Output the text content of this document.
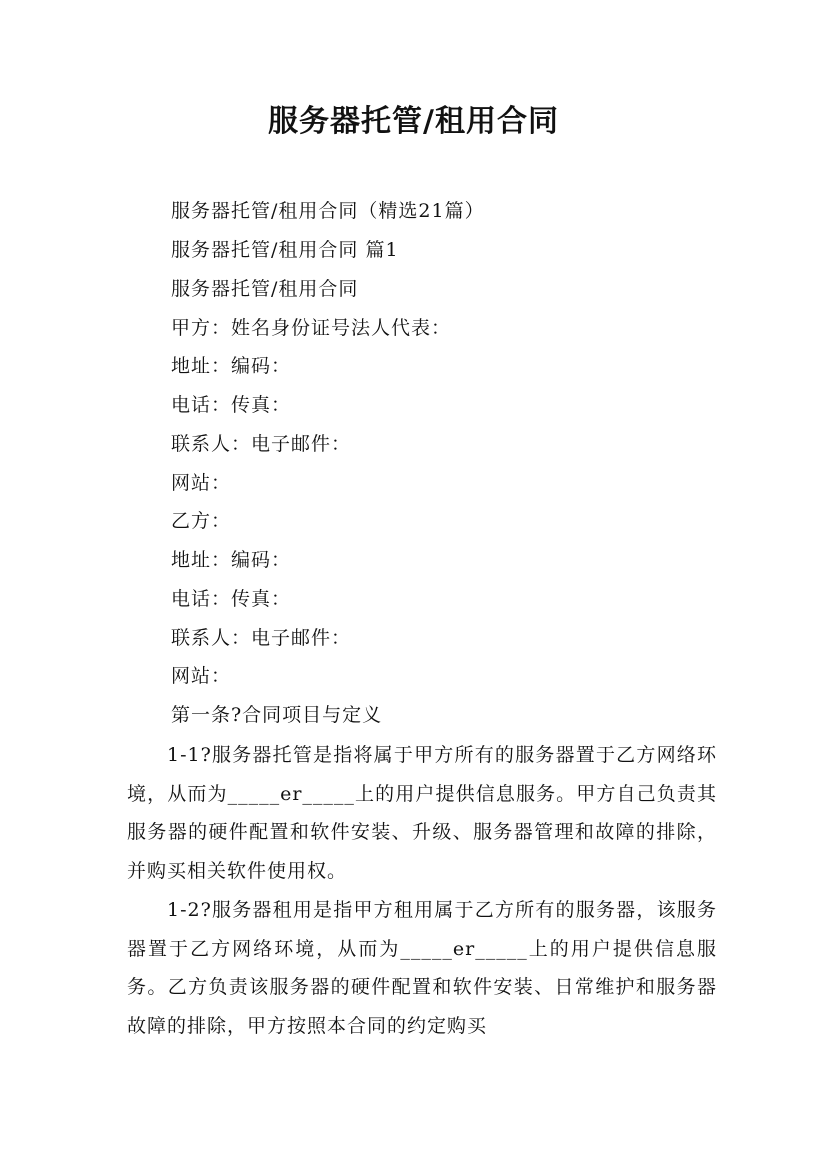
服务器托管/租用合同
服务器托管/租用合同（精选21篇）
服务器托管/租用合同 篇1
服务器托管/租用合同
甲方：姓名身份证号法人代表：
地址：编码：
电话：传真：
联系人：电子邮件：
网站：
乙方：
地址：编码：
电话：传真：
联系人：电子邮件：
网站：
第一条?合同项目与定义
1-1?服务器托管是指将属于甲方所有的服务器置于乙方网络环境，从而为_____er_____上的用户提供信息服务。甲方自己负责其服务器的硬件配置和软件安装、升级、服务器管理和故障的排除，并购买相关软件使用权。
1-2?服务器租用是指甲方租用属于乙方所有的服务器，该服务器置于乙方网络环境，从而为_____er_____上的用户提供信息服务。乙方负责该服务器的硬件配置和软件安装、日常维护和服务器故障的排除，甲方按照本合同的约定购买
